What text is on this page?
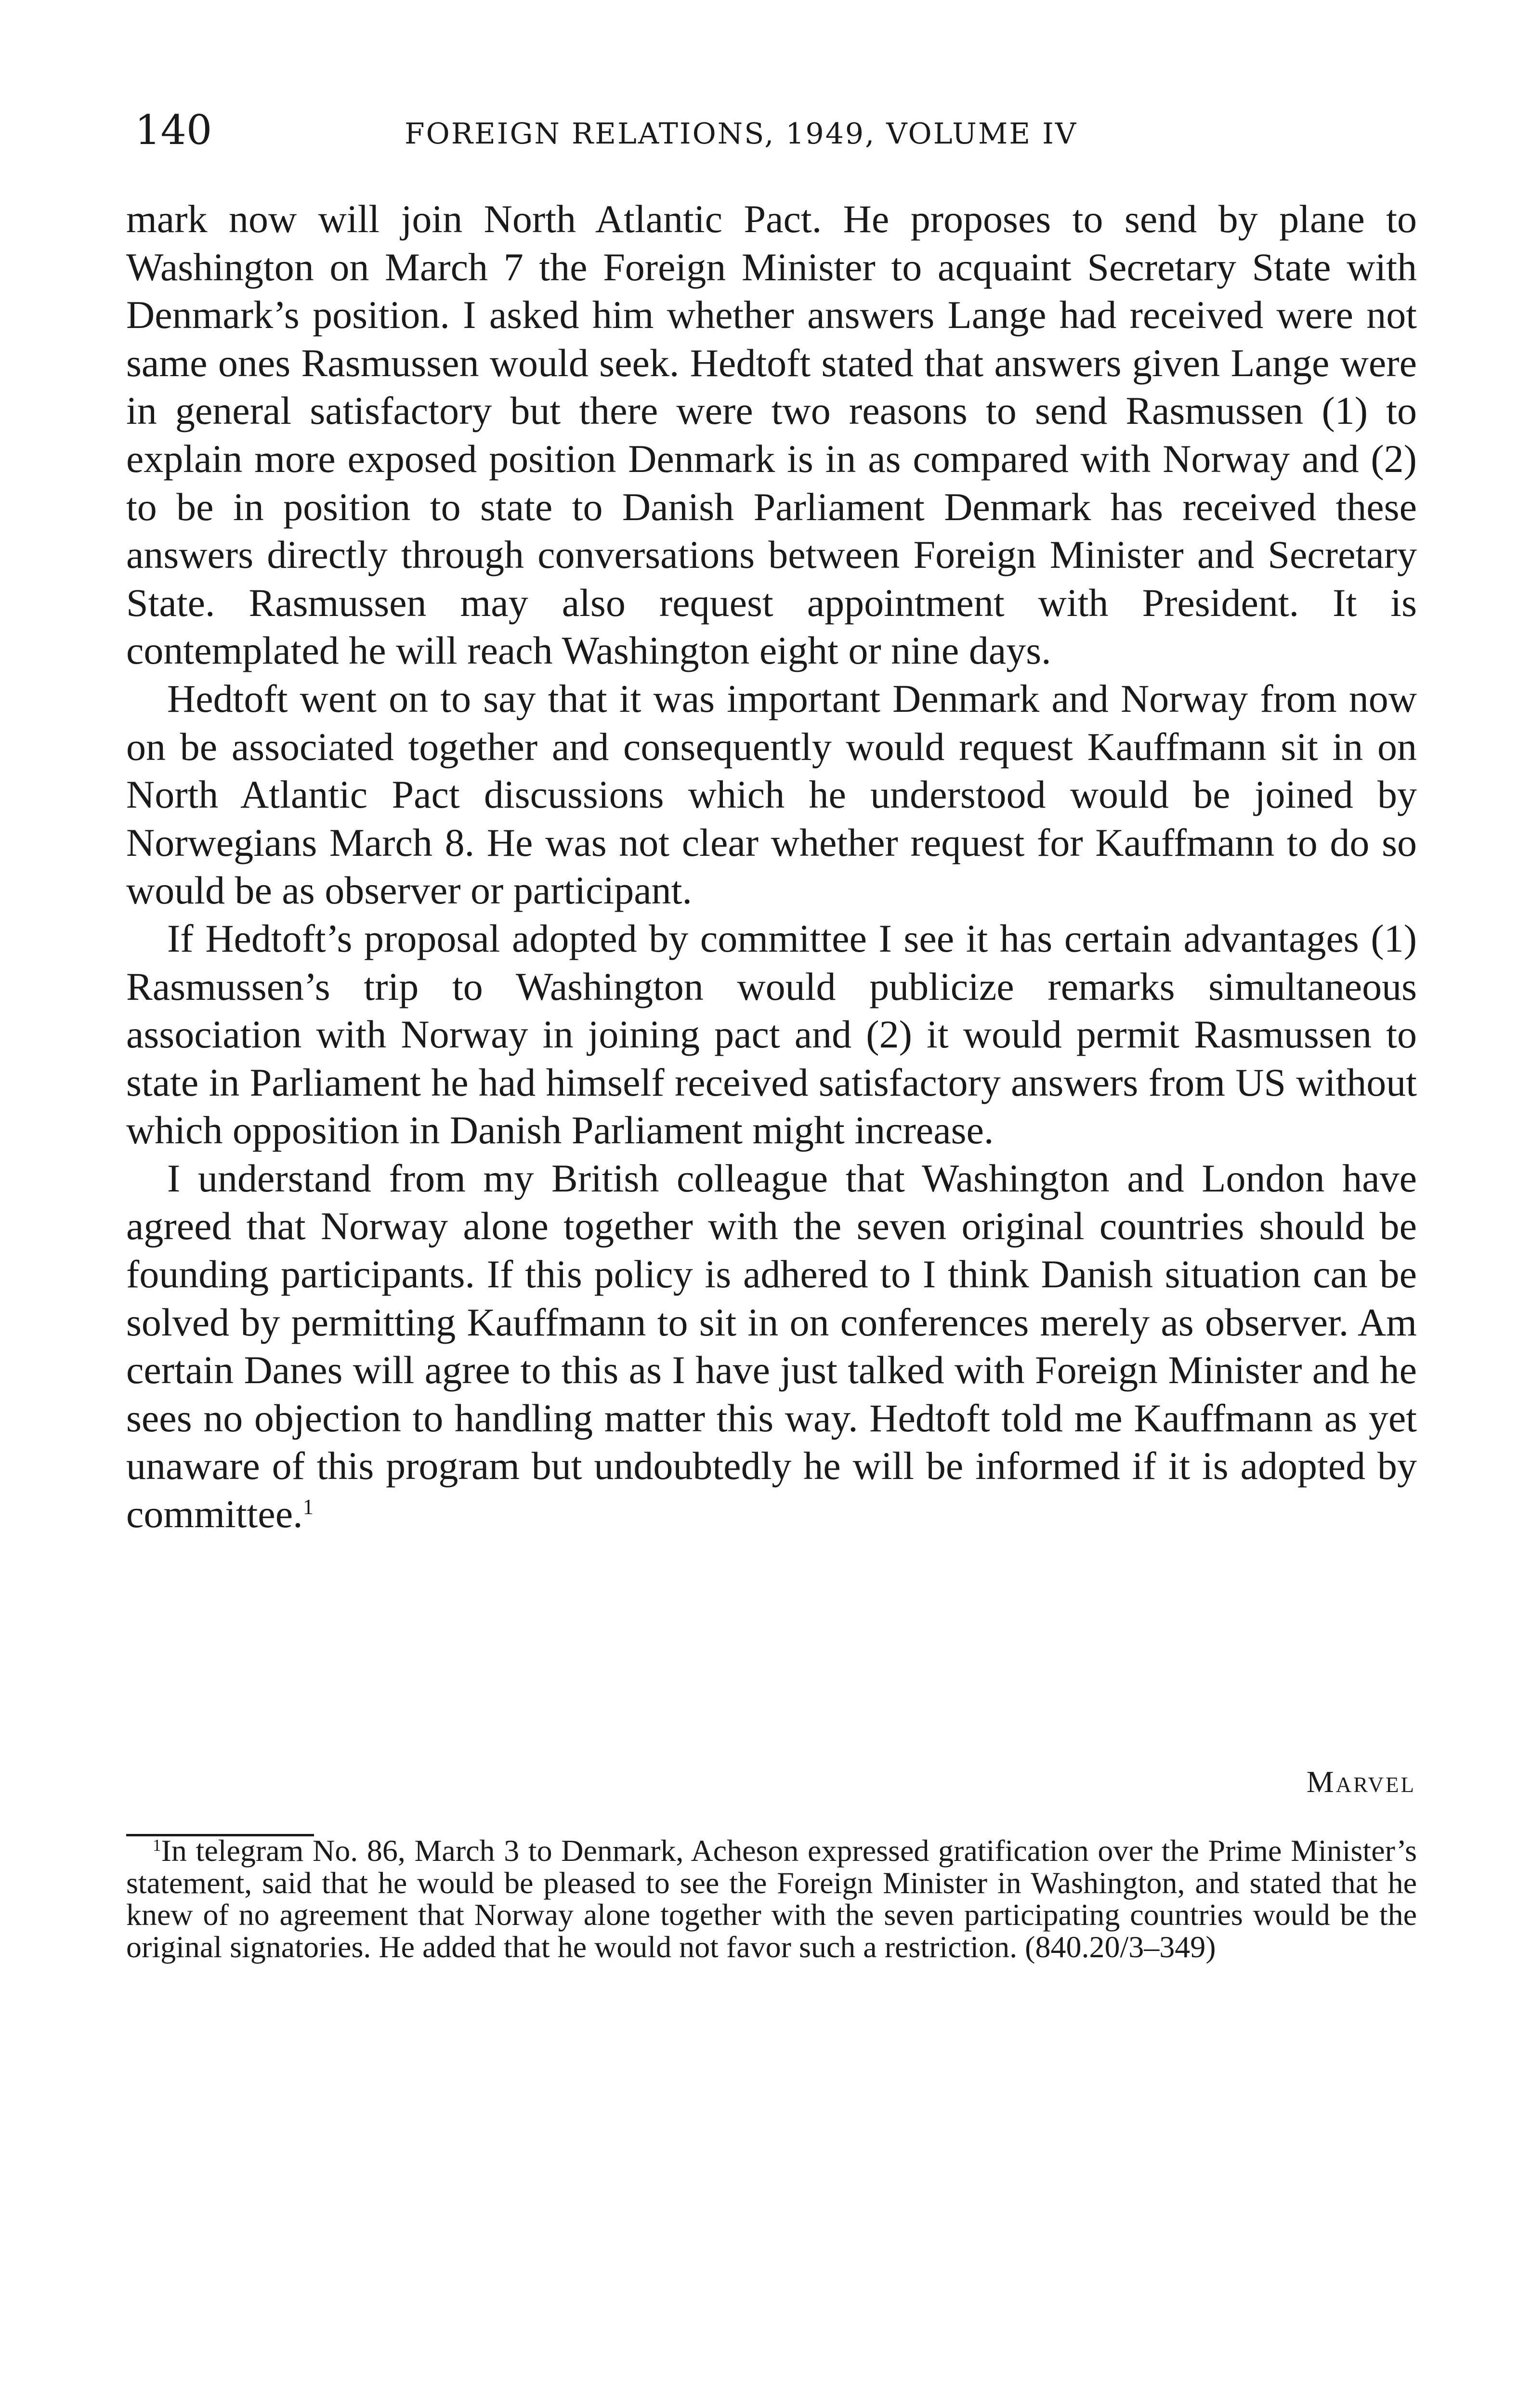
140	FOREIGN RELATIONS, 1949, VOLUME IV

mark now will join North Atlantic Pact. He proposes to send by plane to Washington on March 7 the Foreign Minister to acquaint Secretary State with Denmark’s position. I asked him whether answers Lange had received were not same ones Rasmussen would seek. Hedtoft stated that answers given Lange were in general satisfactory but there were two reasons to send Rasmussen (1) to explain more exposed position Denmark is in as compared with Norway and (2) to be in position to state to Danish Parliament Denmark has received these answers directly through conversations between Foreign Minister and Secretary State. Rasmussen may also request appointment with President. It is contemplated he will reach Washington eight or nine days.

Hedtoft went on to say that it was important Denmark and Norway from now on be associated together and consequently would request Kauffmann sit in on North Atlantic Pact discussions which he understood would be joined by Norwegians March 8. He was not clear whether request for Kauffmann to do so would be as observer or participant.

If Hedtoft’s proposal adopted by committee I see it has certain advantages (1) Rasmussen’s trip to Washington would publicize remarks simultaneous association with Norway in joining pact and (2) it would permit Rasmussen to state in Parliament he had himself received satisfactory answers from US without which opposition in Danish Parliament might increase.

I understand from my British colleague that Washington and London have agreed that Norway alone together with the seven original countries should be founding participants. If this policy is adhered to I think Danish situation can be solved by permitting Kauffmann to sit in on conferences merely as observer. Am certain Danes will agree to this as I have just talked with Foreign Minister and he sees no objection to handling matter this way. Hedtoft told me Kauffmann as yet unaware of this program but undoubtedly he will be informed if it is adopted by committee.$^1$

Marvel

$^1$In telegram No. 86, March 3 to Denmark, Acheson expressed gratification over the Prime Minister’s statement, said that he would be pleased to see the Foreign Minister in Washington, and stated that he knew of no agreement that Norway alone together with the seven participating countries would be the original signatories. He added that he would not favor such a restriction. (840.20/3–349)
